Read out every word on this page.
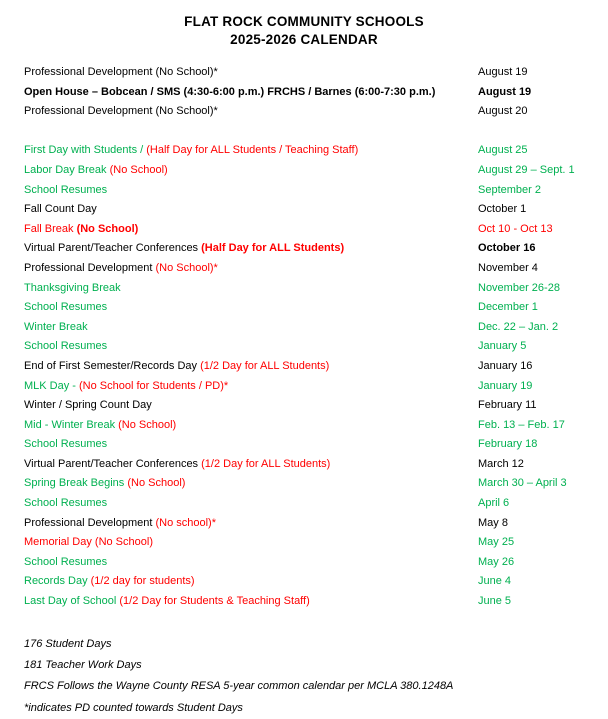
FLAT ROCK COMMUNITY SCHOOLS
2025-2026 CALENDAR
Professional Development (No School)*	August 19
Open House – Bobcean / SMS (4:30-6:00 p.m.) FRCHS / Barnes (6:00-7:30 p.m.)	August 19
Professional Development (No School)*	August 20
First Day with Students / (Half Day for ALL Students / Teaching Staff)	August 25
Labor Day Break (No School)	August 29 – Sept. 1
School Resumes	September 2
Fall Count Day	October 1
Fall Break (No School)	Oct 10 - Oct 13
Virtual Parent/Teacher Conferences (Half Day for ALL Students)	October 16
Professional Development (No School)*	November 4
Thanksgiving Break	November 26-28
School Resumes	December 1
Winter Break	Dec. 22 – Jan. 2
School Resumes	January 5
End of First Semester/Records Day (1/2 Day for ALL Students)	January 16
MLK Day - (No School for Students / PD)*	January 19
Winter / Spring Count Day	February 11
Mid - Winter Break (No School)	Feb. 13 – Feb. 17
School Resumes	February 18
Virtual Parent/Teacher Conferences (1/2 Day for ALL Students)	March 12
Spring Break Begins (No School)	March 30 – April 3
School Resumes	April 6
Professional Development (No school)*	May 8
Memorial Day (No School)	May 25
School Resumes	May 26
Records Day (1/2 day for students)	June 4
Last Day of School (1/2 Day for Students & Teaching Staff)	June 5
176 Student Days
181 Teacher Work Days
FRCS Follows the Wayne County RESA 5-year common calendar per MCLA 380.1248A
*indicates PD counted towards Student Days
